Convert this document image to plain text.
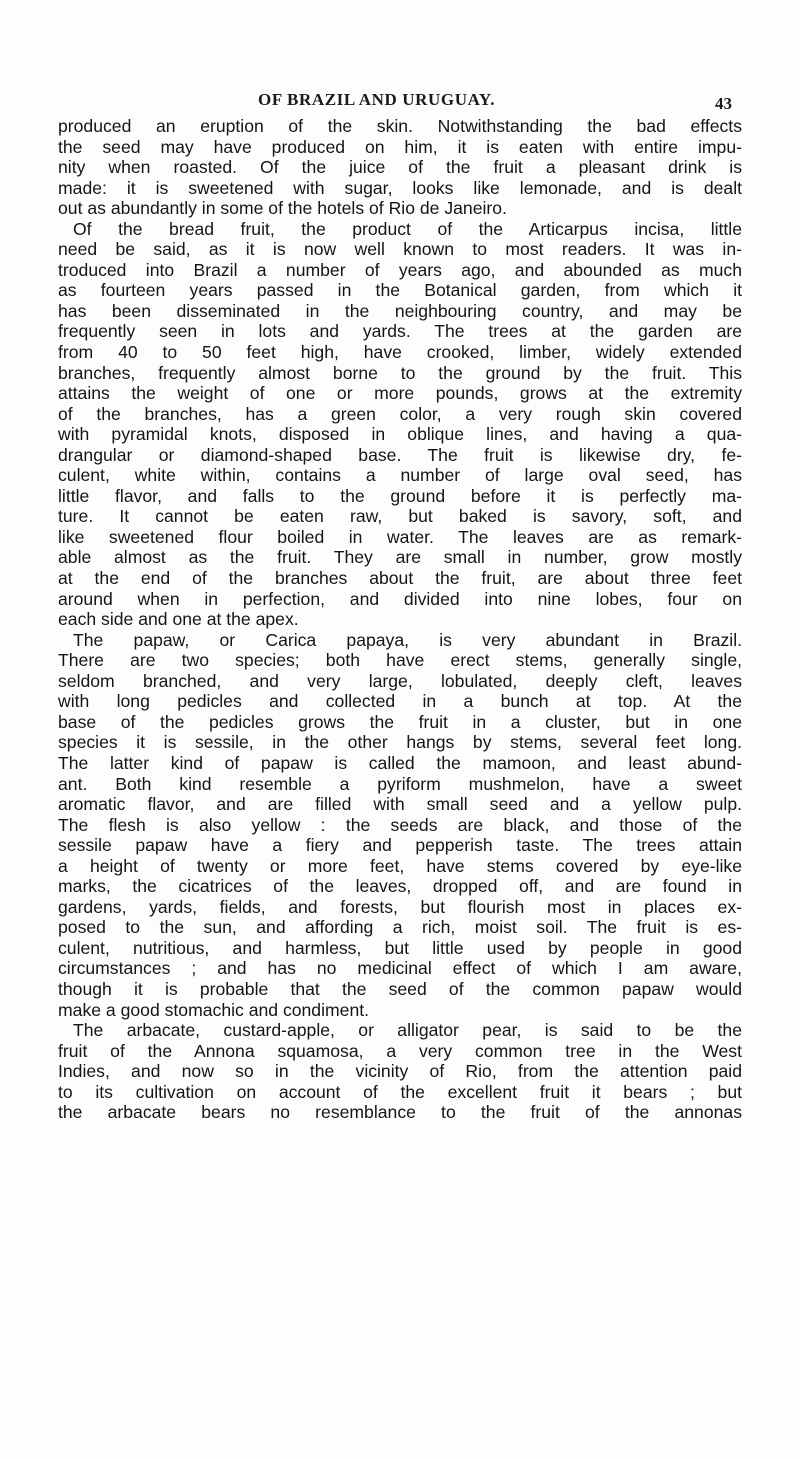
OF BRAZIL AND URUGUAY.	43
produced an eruption of the skin. Notwithstanding the bad effects
the seed may have produced on him, it is eaten with entire impu-
nity when roasted. Of the juice of the fruit a pleasant drink is
made: it is sweetened with sugar, looks like lemonade, and is dealt
out as abundantly in some of the hotels of Rio de Janeiro.
Of the bread fruit, the product of the Articarpus incisa, little
need be said, as it is now well known to most readers. It was in-
troduced into Brazil a number of years ago, and abounded as much
as fourteen years passed in the Botanical garden, from which it
has been disseminated in the neighbouring country, and may be
frequently seen in lots and yards. The trees at the garden are
from 40 to 50 feet high, have crooked, limber, widely extended
branches, frequently almost borne to the ground by the fruit. This
attains the weight of one or more pounds, grows at the extremity
of the branches, has a green color, a very rough skin covered
with pyramidal knots, disposed in oblique lines, and having a qua-
drangular or diamond-shaped base. The fruit is likewise dry, fe-
culent, white within, contains a number of large oval seed, has
little flavor, and falls to the ground before it is perfectly ma-
ture. It cannot be eaten raw, but baked is savory, soft, and
like sweetened flour boiled in water. The leaves are as remark-
able almost as the fruit. They are small in number, grow mostly
at the end of the branches about the fruit, are about three feet
around when in perfection, and divided into nine lobes, four on
each side and one at the apex.
The papaw, or Carica papaya, is very abundant in Brazil.
There are two species; both have erect stems, generally single,
seldom branched, and very large, lobulated, deeply cleft, leaves
with long pedicles and collected in a bunch at top. At the
base of the pedicles grows the fruit in a cluster, but in one
species it is sessile, in the other hangs by stems, several feet long.
The latter kind of papaw is called the mamoon, and least abund-
ant. Both kind resemble a pyriform mushmelon, have a sweet
aromatic flavor, and are filled with small seed and a yellow pulp.
The flesh is also yellow : the seeds are black, and those of the
sessile papaw have a fiery and pepperish taste. The trees attain
a height of twenty or more feet, have stems covered by eye-like
marks, the cicatrices of the leaves, dropped off, and are found in
gardens, yards, fields, and forests, but flourish most in places ex-
posed to the sun, and affording a rich, moist soil. The fruit is es-
culent, nutritious, and harmless, but little used by people in good
circumstances ; and has no medicinal effect of which I am aware,
though it is probable that the seed of the common papaw would
make a good stomachic and condiment.
The arbacate, custard-apple, or alligator pear, is said to be the
fruit of the Annona squamosa, a very common tree in the West
Indies, and now so in the vicinity of Rio, from the attention paid
to its cultivation on account of the excellent fruit it bears ; but
the arbacate bears no resemblance to the fruit of the annonas
